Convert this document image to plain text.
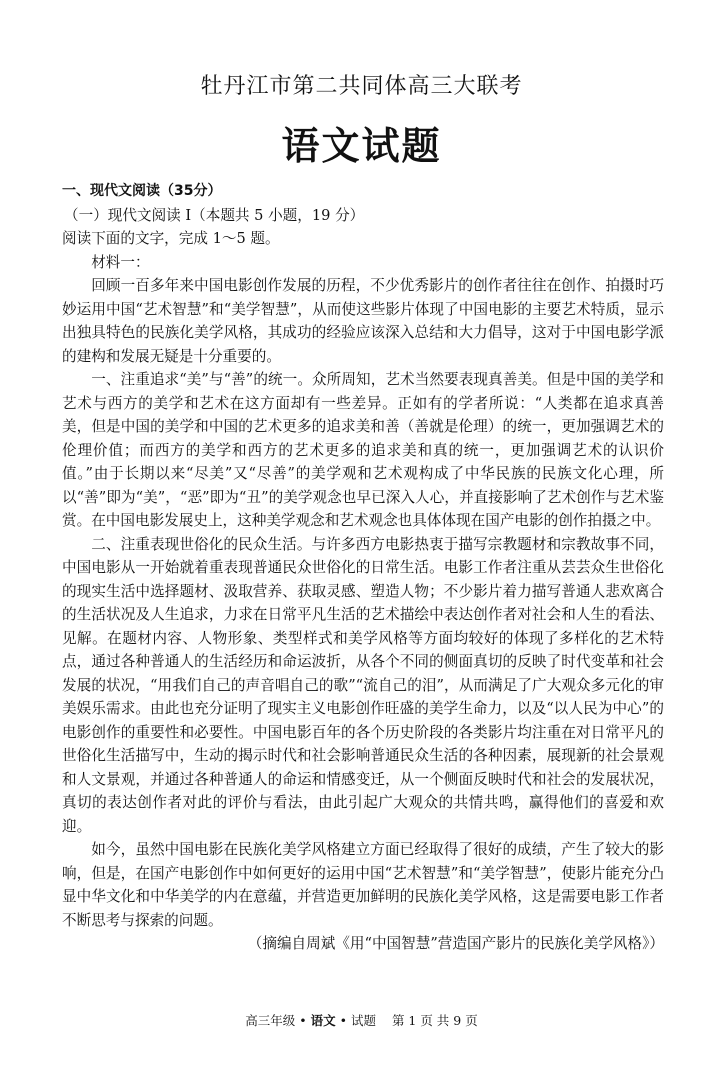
牡丹江市第二共同体高三大联考
语文试题

一、现代文阅读（35分）

（一）现代文阅读 I（本题共 5 小题，19 分）

阅读下面的文字，完成 1～5 题。

材料一：

回顾一百多年来中国电影创作发展的历程，不少优秀影片的创作者往往在创作、拍摄时巧妙运用中国“艺术智慧”和“美学智慧”，从而使这些影片体现了中国电影的主要艺术特质，显示出独具特色的民族化美学风格，其成功的经验应该深入总结和大力倡导，这对于中国电影学派的建构和发展无疑是十分重要的。

一、注重追求“美”与“善”的统一。众所周知，艺术当然要表现真善美。但是中国的美学和艺术与西方的美学和艺术在这方面却有一些差异。正如有的学者所说：“人类都在追求真善美，但是中国的美学和中国的艺术更多的追求美和善（善就是伦理）的统一，更加强调艺术的伦理价值；而西方的美学和西方的艺术更多的追求美和真的统一，更加强调艺术的认识价值。”由于长期以来“尽美”又“尽善”的美学观和艺术观构成了中华民族的民族文化心理，所以“善”即为“美”，“恶”即为“丑”的美学观念也早已深入人心，并直接影响了艺术创作与艺术鉴赏。在中国电影发展史上，这种美学观念和艺术观念也具体体现在国产电影的创作拍摄之中。

二、注重表现世俗化的民众生活。与许多西方电影热衷于描写宗教题材和宗教故事不同，中国电影从一开始就着重表现普通民众世俗化的日常生活。电影工作者注重从芸芸众生世俗化的现实生活中选择题材、汲取营养、获取灵感、塑造人物；不少影片着力描写普通人悲欢离合的生活状况及人生追求，力求在日常平凡生活的艺术描绘中表达创作者对社会和人生的看法、见解。在题材内容、人物形象、类型样式和美学风格等方面均较好的体现了多样化的艺术特点，通过各种普通人的生活经历和命运波折，从各个不同的侧面真切的反映了时代变革和社会发展的状况，“用我们自己的声音唱自己的歌”“流自己的泪”，从而满足了广大观众多元化的审美娱乐需求。由此也充分证明了现实主义电影创作旺盛的美学生命力，以及“以人民为中心”的电影创作的重要性和必要性。中国电影百年的各个历史阶段的各类影片均注重在对日常平凡的世俗化生活描写中，生动的揭示时代和社会影响普通民众生活的各种因素，展现新的社会景观和人文景观，并通过各种普通人的命运和情感变迁，从一个侧面反映时代和社会的发展状况，真切的表达创作者对此的评价与看法，由此引起广大观众的共情共鸣，赢得他们的喜爱和欢迎。

如今，虽然中国电影在民族化美学风格建立方面已经取得了很好的成绩，产生了较大的影响，但是，在国产电影创作中如何更好的运用中国“艺术智慧”和“美学智慧”，使影片能充分凸显中华文化和中华美学的内在意蕴，并营造更加鲜明的民族化美学风格，这是需要电影工作者不断思考与探索的问题。

（摘编自周斌《用“中国智慧”营造国产影片的民族化美学风格》）

高三年级 • 语文 • 试题 第 1 页 共 9 页
